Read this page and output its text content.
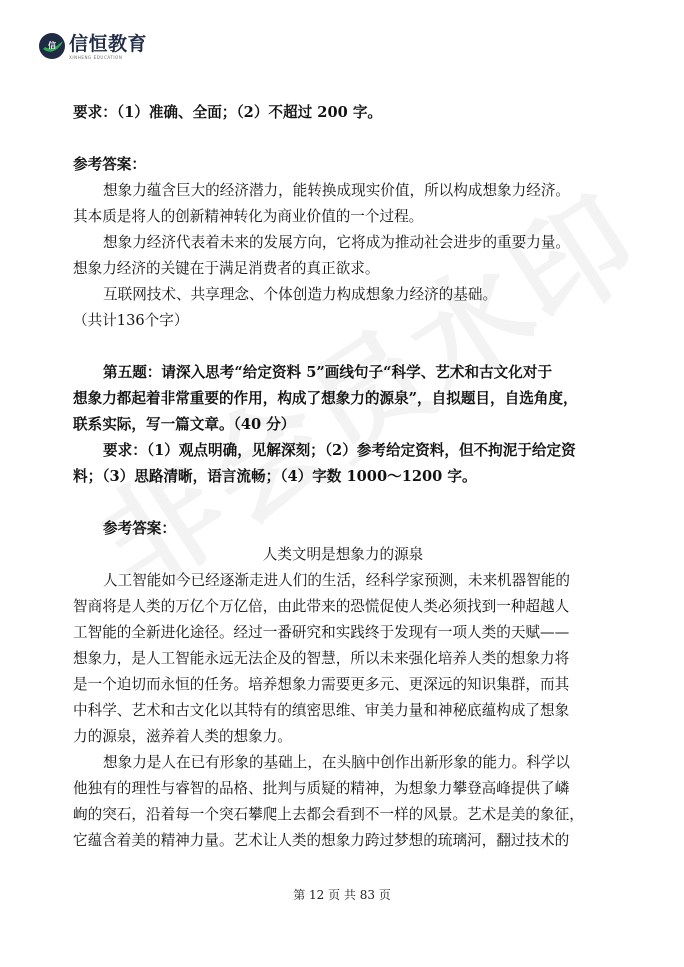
信 信恒教育
XINHENG EDUCATION
要求：（1）准确、全面；（2）不超过 200 字。
参考答案：
想象力蕴含巨大的经济潜力，能转换成现实价值，所以构成想象力经济。
其本质是将人的创新精神转化为商业价值的一个过程。
想象力经济代表着未来的发展方向，它将成为推动社会进步的重要力量。
想象力经济的关键在于满足消费者的真正欲求。
互联网技术、共享理念、个体创造力构成想象力经济的基础。
（共计136个字）
第五题：请深入思考“给定资料 5”画线句子“科学、艺术和古文化对于
想象力都起着非常重要的作用，构成了想象力的源泉”，自拟题目，自选角度，
联系实际，写一篇文章。（40 分）
要求：（1）观点明确，见解深刻；（2）参考给定资料，但不拘泥于给定资
料；（3）思路清晰，语言流畅；（4）字数 1000～1200 字。
参考答案：
人类文明是想象力的源泉
人工智能如今已经逐渐走进人们的生活，经科学家预测，未来机器智能的
智商将是人类的万亿个万亿倍，由此带来的恐慌促使人类必须找到一种超越人
工智能的全新进化途径。经过一番研究和实践终于发现有一项人类的天赋——
想象力，是人工智能永远无法企及的智慧，所以未来强化培养人类的想象力将
是一个迫切而永恒的任务。培养想象力需要更多元、更深远的知识集群，而其
中科学、艺术和古文化以其特有的缜密思维、审美力量和神秘底蕴构成了想象
力的源泉，滋养着人类的想象力。
想象力是人在已有形象的基础上，在头脑中创作出新形象的能力。科学以
他独有的理性与睿智的品格、批判与质疑的精神，为想象力攀登高峰提供了嶙
峋的突石，沿着每一个突石攀爬上去都会看到不一样的风景。艺术是美的象征，
它蕴含着美的精神力量。艺术让人类的想象力跨过梦想的琉璃河，翻过技术的
第 12 页 共 83 页
